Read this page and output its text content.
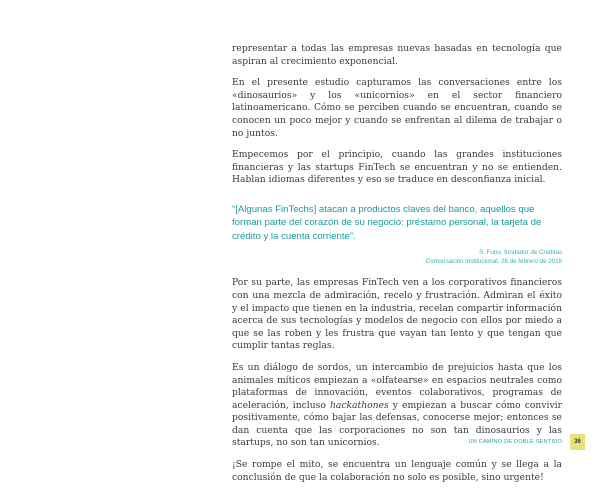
representar a todas las empresas nuevas basadas en tecnología que aspiran al crecimiento exponencial.

En el presente estudio capturamos las conversaciones entre los «dinosaurios» y los «unicornios» en el sector financiero latinoamericano. Cómo se perciben cuando se encuentran, cuando se conocen un poco mejor y cuando se enfrentan al dilema de trabajar o no juntos.

Empecemos por el principio, cuando las grandes instituciones financieras y las startups FinTech se encuentran y no se entienden. Hablan idiomas diferentes y eso se traduce en desconfianza inicial.

“[Algunas FinTechs] atacan a productos claves del banco, aquellos que forman parte del corazón de su negocio: préstamo personal, la tarjeta de crédito y la cuenta corriente”.
S. Furio, fundador de Creditas
Conversación institucional, 26 de febrero de 2018

Por su parte, las empresas FinTech ven a los corporativos financieros con una mezcla de admiración, recelo y frustración. Admiran el éxito y el impacto que tienen en la industria, recelan compartir información acerca de sus tecnologías y modelos de negocio con ellos por miedo a que se las roben y les frustra que vayan tan lento y que tengan que cumplir tantas reglas.

Es un diálogo de sordos, un intercambio de prejuicios hasta que los animales míticos empiezan a «olfatearse» en espacios neutrales como plataformas de innovación, eventos colaborativos, programas de aceleración, incluso hackathones y empiezan a buscar cómo convivir positivamente, cómo bajar las defensas, conocerse mejor; entonces se dan cuenta que las corporaciones no son tan dinosaurios y las startups, no son tan unicornios.

¡Se rompe el mito, se encuentra un lenguaje común y se llega a la conclusión de que la colaboración no solo es posible, sino urgente!

UN CAMINO DE DOBLE SENTIDO	36
